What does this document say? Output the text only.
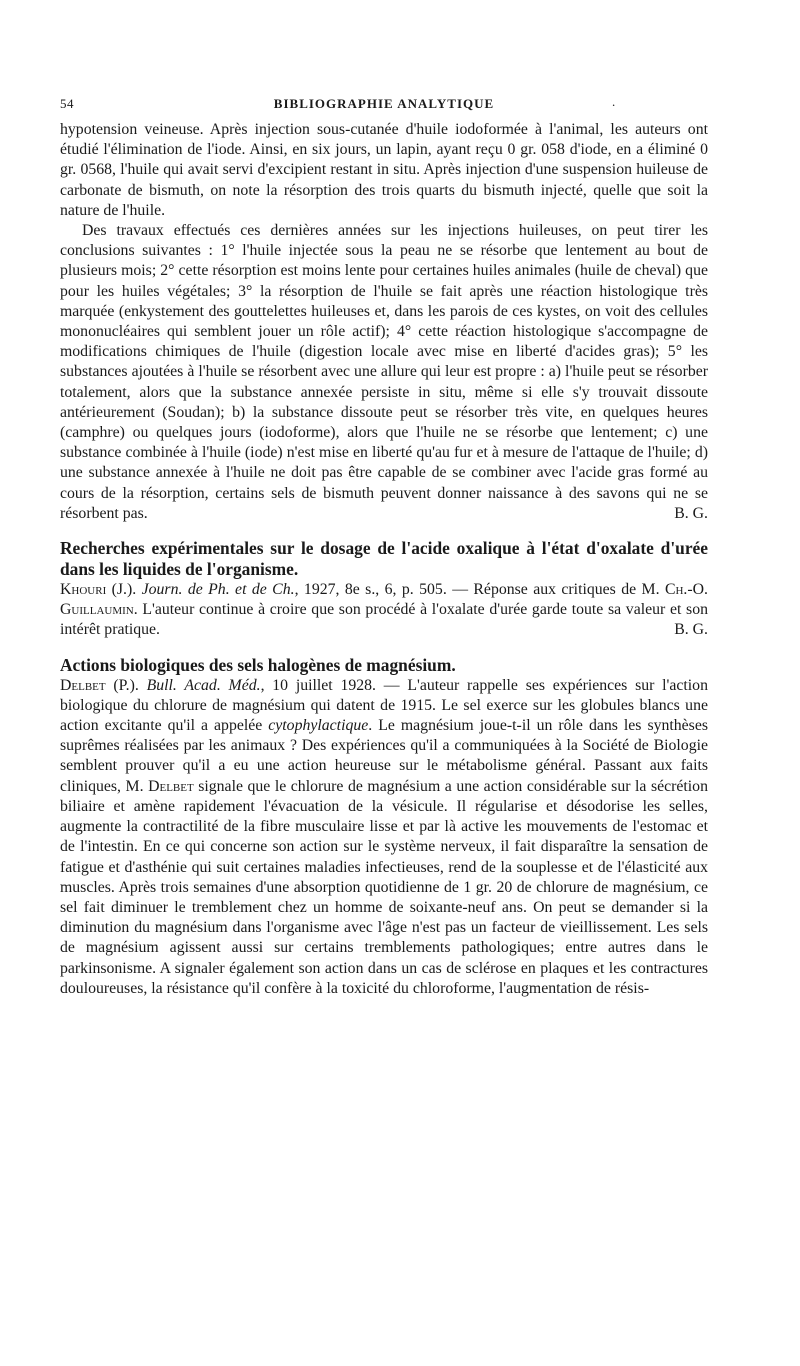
54	BIBLIOGRAPHIE ANALYTIQUE	.

hypotension veineuse. Après injection sous-cutanée d'huile iodoformée à l'animal, les auteurs ont étudié l'élimination de l'iode. Ainsi, en six jours, un lapin, ayant reçu 0 gr. 058 d'iode, en a éliminé 0 gr. 0568, l'huile qui avait servi d'excipient restant in situ. Après injection d'une suspension huileuse de carbonate de bismuth, on note la résorption des trois quarts du bismuth injecté, quelle que soit la nature de l'huile.

Des travaux effectués ces dernières années sur les injections huileuses, on peut tirer les conclusions suivantes : 1° l'huile injectée sous la peau ne se résorbe que lentement au bout de plusieurs mois; 2° cette résorption est moins lente pour certaines huiles animales (huile de cheval) que pour les huiles végétales; 3° la résorption de l'huile se fait après une réaction histologique très marquée (enkystement des gouttelettes huileuses et, dans les parois de ces kystes, on voit des cellules mononucléaires qui semblent jouer un rôle actif); 4° cette réaction histologique s'accompagne de modifications chimiques de l'huile (digestion locale avec mise en liberté d'acides gras); 5° les substances ajoutées à l'huile se résorbent avec une allure qui leur est propre : a) l'huile peut se résorber totalement, alors que la substance annexée persiste in situ, même si elle s'y trouvait dissoute antérieurement (Soudan); b) la substance dissoute peut se résorber très vite, en quelques heures (camphre) ou quelques jours (iodoforme), alors que l'huile ne se résorbe que lentement; c) une substance combinée à l'huile (iode) n'est mise en liberté qu'au fur et à mesure de l'attaque de l'huile; d) une substance annexée à l'huile ne doit pas être capable de se combiner avec l'acide gras formé au cours de la résorption, certains sels de bismuth peuvent donner naissance à des savons qui ne se résorbent pas.	B. G.

Recherches expérimentales sur le dosage de l'acide oxalique à l'état d'oxalate d'urée dans les liquides de l'organisme.

Khouri (J.). Journ. de Ph. et de Ch., 1927, 8e s., 6, p. 505. — Réponse aux critiques de M. Ch.-O. Guillaumin. L'auteur continue à croire que son procédé à l'oxalate d'urée garde toute sa valeur et son intérêt pratique.	B. G.

Actions biologiques des sels halogènes de magnésium.

Delbet (P.). Bull. Acad. Méd., 10 juillet 1928. — L'auteur rappelle ses expériences sur l'action biologique du chlorure de magnésium qui datent de 1915. Le sel exerce sur les globules blancs une action excitante qu'il a appelée cytophylactique. Le magnésium joue-t-il un rôle dans les synthèses suprêmes réalisées par les animaux ? Des expériences qu'il a communiquées à la Société de Biologie semblent prouver qu'il a eu une action heureuse sur le métabolisme général. Passant aux faits cliniques, M. Delbet signale que le chlorure de magnésium a une action considérable sur la sécrétion biliaire et amène rapidement l'évacuation de la vésicule. Il régularise et désodorise les selles, augmente la contractilité de la fibre musculaire lisse et par là active les mouvements de l'estomac et de l'intestin. En ce qui concerne son action sur le système nerveux, il fait disparaître la sensation de fatigue et d'asthénie qui suit certaines maladies infectieuses, rend de la souplesse et de l'élasticité aux muscles. Après trois semaines d'une absorption quotidienne de 1 gr. 20 de chlorure de magnésium, ce sel fait diminuer le tremblement chez un homme de soixante-neuf ans. On peut se demander si la diminution du magnésium dans l'organisme avec l'âge n'est pas un facteur de vieillissement. Les sels de magnésium agissent aussi sur certains tremblements pathologiques; entre autres dans le parkinsonisme. A signaler également son action dans un cas de sclérose en plaques et les contractures douloureuses, la résistance qu'il confère à la toxicité du chloroforme, l'augmentation de résis-
